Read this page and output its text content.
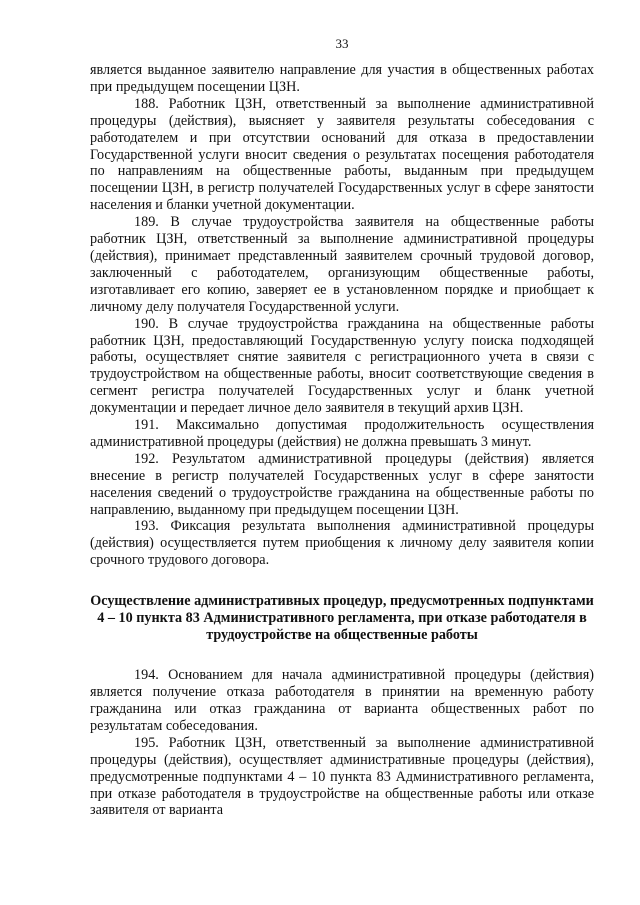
33

является выданное заявителю направление для участия в общественных работах при предыдущем посещении ЦЗН.

188. Работник ЦЗН, ответственный за выполнение административной процедуры (действия), выясняет у заявителя результаты собеседования с работодателем и при отсутствии оснований для отказа в предоставлении Государственной услуги вносит сведения о результатах посещения работодателя по направлениям на общественные работы, выданным при предыдущем посещении ЦЗН, в регистр получателей Государственных услуг в сфере занятости населения и бланки учетной документации.

189. В случае трудоустройства заявителя на общественные работы работник ЦЗН, ответственный за выполнение административной процедуры (действия), принимает представленный заявителем срочный трудовой договор, заключенный с работодателем, организующим общественные работы, изготавливает его копию, заверяет ее в установленном порядке и приобщает к личному делу получателя Государственной услуги.

190. В случае трудоустройства гражданина на общественные работы работник ЦЗН, предоставляющий Государственную услугу поиска подходящей работы, осуществляет снятие заявителя с регистрационного учета в связи с трудоустройством на общественные работы, вносит соответствующие сведения в сегмент регистра получателей Государственных услуг и бланк учетной документации и передает личное дело заявителя в текущий архив ЦЗН.

191. Максимально допустимая продолжительность осуществления административной процедуры (действия) не должна превышать 3 минут.

192. Результатом административной процедуры (действия) является внесение в регистр получателей Государственных услуг в сфере занятости населения сведений о трудоустройстве гражданина на общественные работы по направлению, выданному при предыдущем посещении ЦЗН.

193. Фиксация результата выполнения административной процедуры (действия) осуществляется путем приобщения к личному делу заявителя копии срочного трудового договора.

Осуществление административных процедур, предусмотренных подпунктами 4 – 10 пункта 83 Административного регламента, при отказе работодателя в трудоустройстве на общественные работы

194. Основанием для начала административной процедуры (действия) является получение отказа работодателя в принятии на временную работу гражданина или отказ гражданина от варианта общественных работ по результатам собеседования.

195. Работник ЦЗН, ответственный за выполнение административной процедуры (действия), осуществляет административные процедуры (действия), предусмотренные подпунктами 4 – 10 пункта 83 Административного регламента, при отказе работодателя в трудоустройстве на общественные работы или отказе заявителя от варианта
